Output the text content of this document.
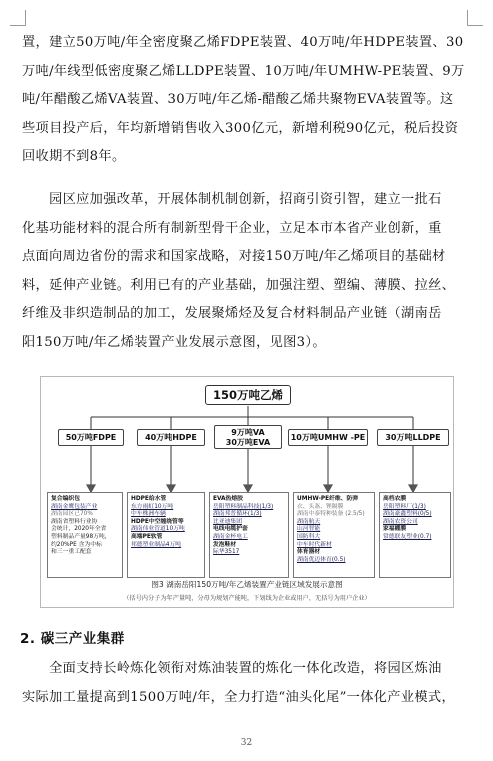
置，建立50万吨/年全密度聚乙烯FDPE装置、40万吨/年HDPE装置、30
万吨/年线型低密度聚乙烯LLDPE装置、10万吨/年UMHW-PE装置、9万
吨/年醋酸乙烯VA装置、30万吨/年乙烯-醋酸乙烯共聚物EVA装置等。这
些项目投产后，年均新增销售收入300亿元，新增利税90亿元，税后投资
回收期不到8年。
　　园区应加强改革，开展体制机制创新，招商引资引智，建立一批石
化基功能材料的混合所有制新型骨干企业，立足本市本省产业创新，重
点面向周边省份的需求和国家战略，对接150万吨/年乙烯项目的基础材
料，延伸产业链。利用已有的产业基础，加强注塑、塑编、薄膜、拉丝、
纤维及非织造制品的加工，发展聚烯烃及复合材料制品产业链（湖南岳
阳150万吨/年乙烯装置产业发展示意图，见图3）。
150万吨乙烯
50万吨FDPE	40万吨HDPE
9万吨VA
30万吨EVA
10万吨UMHW -PE	30万吨LLDPE
复合编织包
湖南金鹰包装产业
湖南园区已70%
湖南省塑料行业协
会统计，2020年全省
塑料制品产量98万吨，
约20%PE 含为中标
和三一重工配套
HDPE给水管
东方雨虹10万吨
中车株洲车辆
HDPE中空缠绕管等
湖南伟业管道10万吨
高端PE软管
邦德塑业制品4万吨
EVA热熔胶
岳阳塑料制品科技(1/3)
湖南邦普循环(1/3)
比亚迪集团
电线电缆护套
湖南金杯电工
发泡鞋材
际华3517
UMHW-PE纤维、防弹
衣、头盔、锂隔膜
湖南中泰特种装备 (2.5/5)
湖南航天
山河智能
国防科大
中车时代新材
体育器材
湖南优迈体育(0.5)
高档农膜
岳阳塑料厂(1/3)
湖南豪鑫塑料(0/5)
湖南农资公司
家福棚膜
常德联友塑业(0.7)
图3 湖南岳阳150万吨/年乙烯装置产业链区域发展示意图
（括号内分子为年产量吨，分母为规划产能吨，下划线为企业或用户，无括号为用户企业）
2. 碳三产业集群
　　全面支持长岭炼化领衔对炼油装置的炼化一体化改造，将园区炼油
实际加工量提高到1500万吨/年，全力打造“油头化尾”一体化产业模式，
32
